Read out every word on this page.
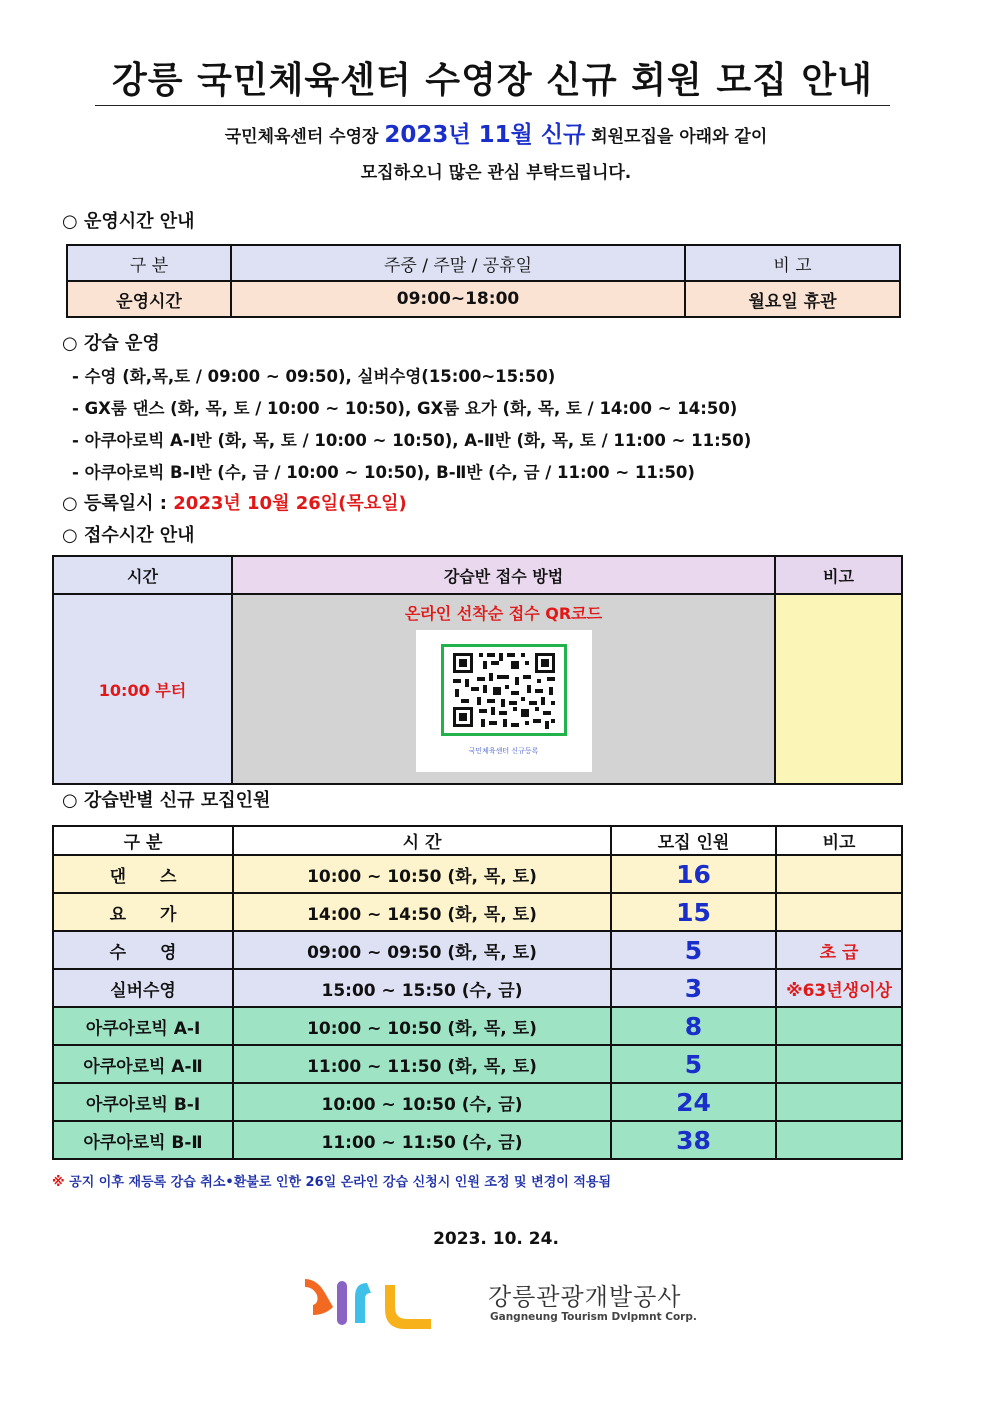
강릉 국민체육센터 수영장 신규 회원 모집 안내
국민체육센터 수영장 2023년 11월 신규 회원모집을 아래와 같이
모집하오니 많은 관심 부탁드립니다.
○ 운영시간 안내
구 분	주중 / 주말 / 공휴일	비 고
운영시간	09:00~18:00	월요일 휴관
○ 강습 운영
- 수영 (화,목,토 / 09:00 ~ 09:50), 실버수영(15:00~15:50)
- GX룸 댄스 (화, 목, 토 / 10:00 ~ 10:50), GX룸 요가 (화, 목, 토 / 14:00 ~ 14:50)
- 아쿠아로빅 A-Ⅰ반 (화, 목, 토 / 10:00 ~ 10:50), A-Ⅱ반 (화, 목, 토 / 11:00 ~ 11:50)
- 아쿠아로빅 B-Ⅰ반 (수, 금 / 10:00 ~ 10:50), B-Ⅱ반 (수, 금 / 11:00 ~ 11:50)
○ 등록일시 : 2023년 10월 26일(목요일)
○ 접수시간 안내
시간	강습반 접수 방법	비고
10:00 부터	온라인 선착순 접수 QR코드
국민체육센터 신규등록	

○ 강습반별 신규 모집인원
구 분	시 간	모집 인원	비고
댄　　스	10:00 ~ 10:50 (화, 목, 토)	16	
요　　가	14:00 ~ 14:50 (화, 목, 토)	15	
수　　영	09:00 ~ 09:50 (화, 목, 토)	5	초 급
실버수영	15:00 ~ 15:50 (수, 금)	3	※63년생이상
아쿠아로빅 A-Ⅰ	10:00 ~ 10:50 (화, 목, 토)	8	
아쿠아로빅 A-Ⅱ	11:00 ~ 11:50 (화, 목, 토)	5	
아쿠아로빅 B-Ⅰ	10:00 ~ 10:50 (수, 금)	24	
아쿠아로빅 B-Ⅱ	11:00 ~ 11:50 (수, 금)	38	
※ 공지 이후 재등록 강습 취소•환불로 인한 26일 온라인 강습 신청시 인원 조정 및 변경이 적용됨
2023. 10. 24.
강릉관광개발공사
Gangneung Tourism Dvlpmnt Corp.
